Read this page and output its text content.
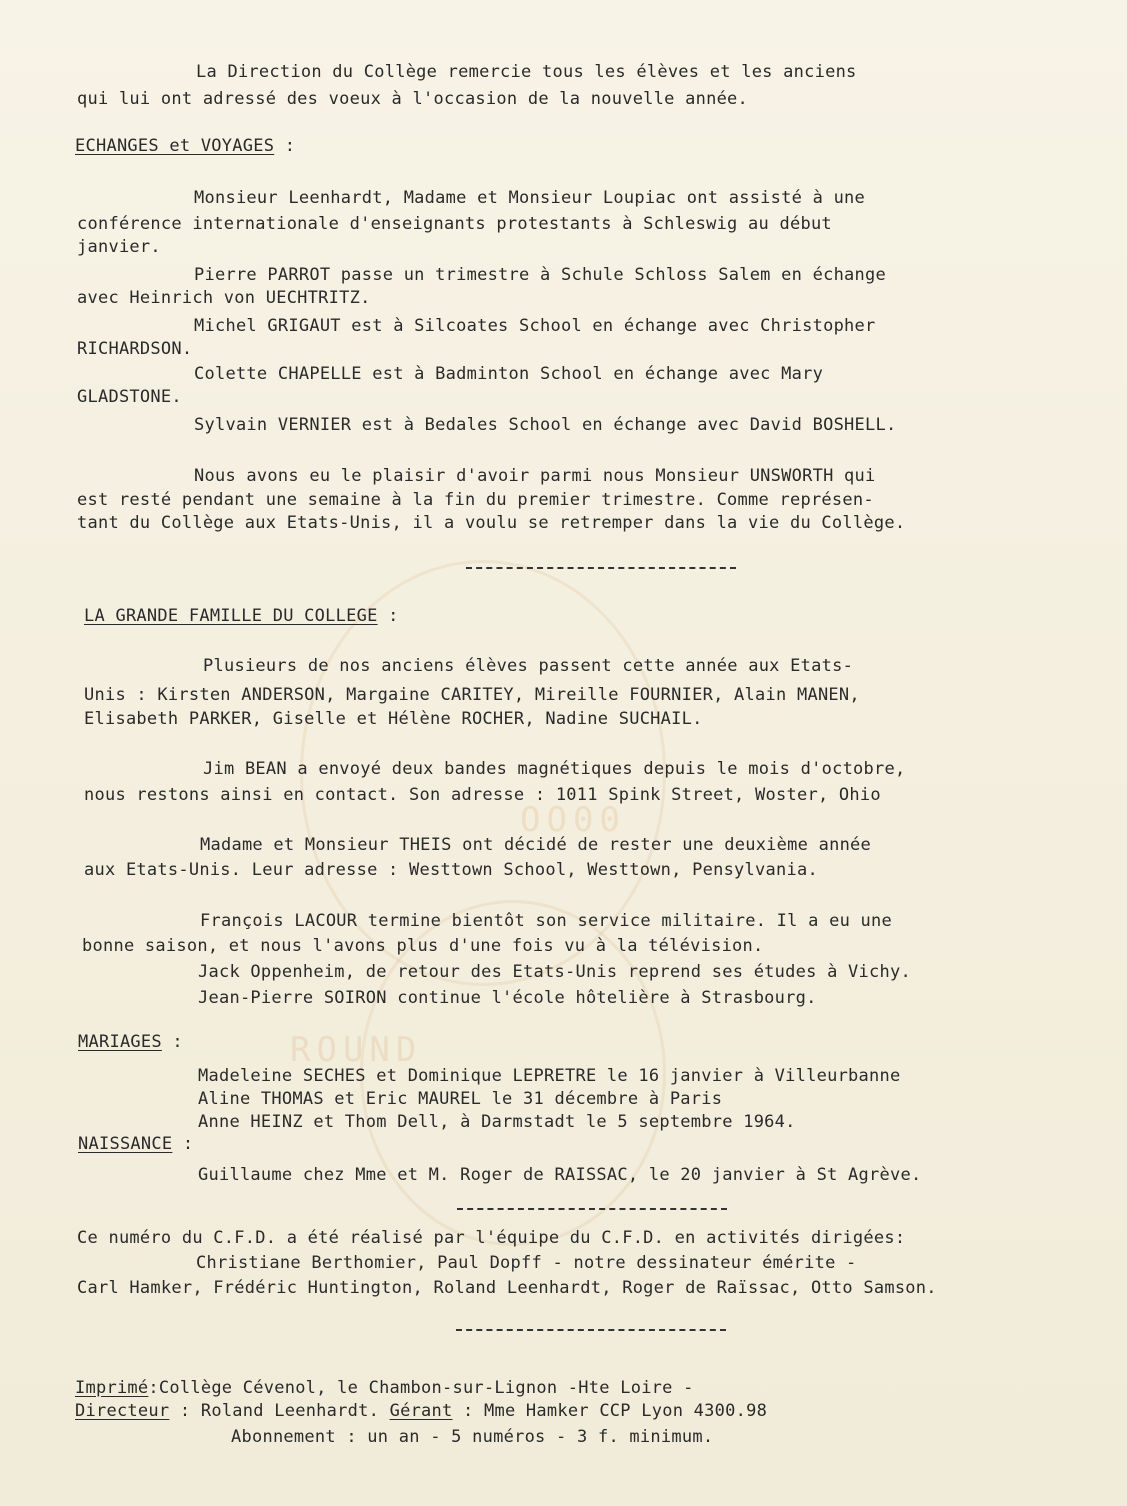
OO00
ROUND
La Direction du Collège remercie tous les élèves et les anciens
qui lui ont adressé des voeux à l'occasion de la nouvelle année.
ECHANGES et VOYAGES :
Monsieur Leenhardt, Madame et Monsieur Loupiac ont assisté à une
conférence internationale d'enseignants protestants à Schleswig au début
janvier.
Pierre PARROT passe un trimestre à Schule Schloss Salem en échange
avec Heinrich von UECHTRITZ.
Michel GRIGAUT est à Silcoates School en échange avec Christopher
RICHARDSON.
Colette CHAPELLE est à Badminton School en échange avec Mary
GLADSTONE.
Sylvain VERNIER est à Bedales School en échange avec David BOSHELL.
Nous avons eu le plaisir d'avoir parmi nous Monsieur UNSWORTH qui
est resté pendant une semaine à la fin du premier trimestre. Comme représen-
tant du Collège aux Etats-Unis, il a voulu se retremper dans la vie du Collège.
LA GRANDE FAMILLE DU COLLEGE :
Plusieurs de nos anciens élèves passent cette année aux Etats-
Unis : Kirsten ANDERSON, Margaine CARITEY, Mireille FOURNIER, Alain MANEN,
Elisabeth PARKER, Giselle et Hélène ROCHER, Nadine SUCHAIL.
Jim BEAN a envoyé deux bandes magnétiques depuis le mois d'octobre,
nous restons ainsi en contact. Son adresse : 1011 Spink Street, Woster, Ohio
Madame et Monsieur THEIS ont décidé de rester une deuxième année
aux Etats-Unis. Leur adresse : Westtown School, Westtown, Pensylvania.
François LACOUR termine bientôt son service militaire. Il a eu une
bonne saison, et nous l'avons plus d'une fois vu à la télévision.
Jack Oppenheim, de retour des Etats-Unis reprend ses études à Vichy.
Jean-Pierre SOIRON continue l'école hôtelière à Strasbourg.
MARIAGES :
Madeleine SECHES et Dominique LEPRETRE le 16 janvier à Villeurbanne
Aline THOMAS et Eric MAUREL le 31 décembre à Paris
Anne HEINZ et Thom Dell, à Darmstadt le 5 septembre 1964.
NAISSANCE :
Guillaume chez Mme et M. Roger de RAISSAC, le 20 janvier à St Agrève.
Ce numéro du C.F.D. a été réalisé par l'équipe du C.F.D. en activités dirigées:
Christiane Berthomier, Paul Dopff - notre dessinateur émérite -
Carl Hamker, Frédéric Huntington, Roland Leenhardt, Roger de Raïssac, Otto Samson.
Imprimé:Collège Cévenol, le Chambon-sur-Lignon -Hte Loire -
Directeur : Roland Leenhardt. Gérant : Mme Hamker CCP Lyon 4300.98
Abonnement : un an - 5 numéros - 3 f. minimum.
